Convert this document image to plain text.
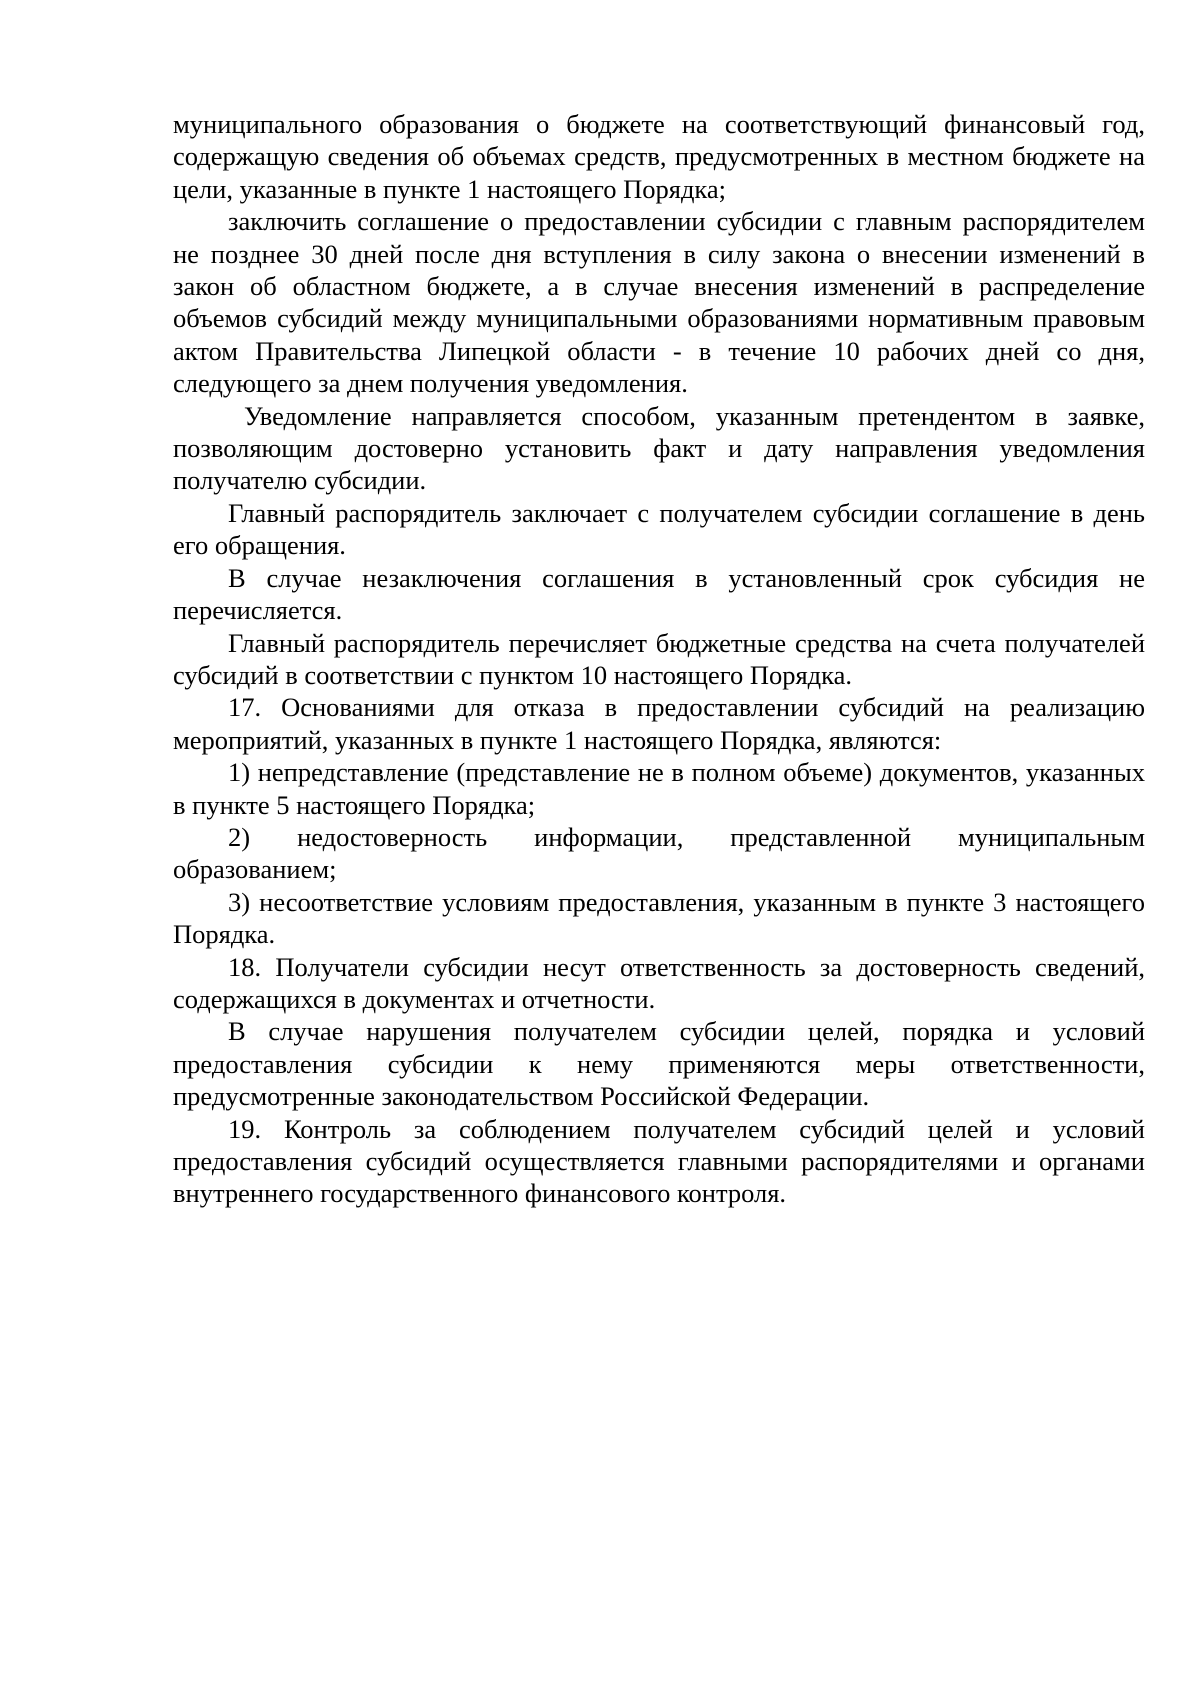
муниципального образования о бюджете на соответствующий финансовый год, содержащую сведения об объемах средств, предусмотренных в местном бюджете на цели, указанные в пункте 1 настоящего Порядка;

заключить соглашение о предоставлении субсидии с главным распорядителем не позднее 30 дней после дня вступления в силу закона о внесении изменений в закон об областном бюджете, а в случае внесения изменений в распределение объемов субсидий между муниципальными образованиями нормативным правовым актом Правительства Липецкой области - в течение 10 рабочих дней со дня, следующего за днем получения уведомления.

Уведомление направляется способом, указанным претендентом в заявке, позволяющим достоверно установить факт и дату направления уведомления получателю субсидии.

Главный распорядитель заключает с получателем субсидии соглашение в день его обращения.

В случае незаключения соглашения в установленный срок субсидия не перечисляется.

Главный распорядитель перечисляет бюджетные средства на счета получателей субсидий в соответствии с пунктом 10 настоящего Порядка.

17. Основаниями для отказа в предоставлении субсидий на реализацию мероприятий, указанных в пункте 1 настоящего Порядка, являются:

1) непредставление (представление не в полном объеме) документов, указанных в пункте 5 настоящего Порядка;

2) недостоверность информации, представленной муниципальным образованием;

3) несоответствие условиям предоставления, указанным в пункте 3 настоящего Порядка.

18. Получатели субсидии несут ответственность за достоверность сведений, содержащихся в документах и отчетности.

В случае нарушения получателем субсидии целей, порядка и условий предоставления субсидии к нему применяются меры ответственности, предусмотренные законодательством Российской Федерации.

19. Контроль за соблюдением получателем субсидий целей и условий предоставления субсидий осуществляется главными распорядителями и органами внутреннего государственного финансового контроля.
